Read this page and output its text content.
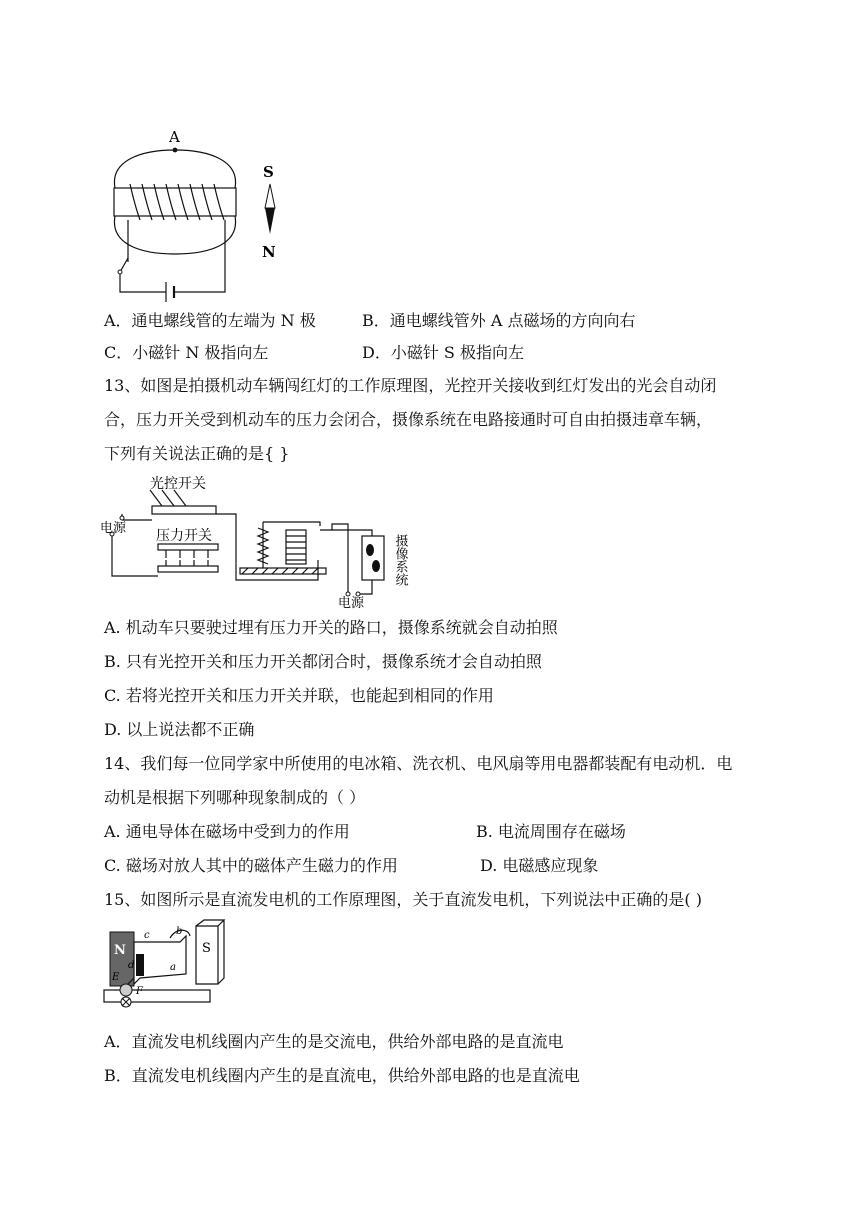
A
S
N
A．通电螺线管的左端为 N 极	B．通电螺线管外 A 点磁场的方向向右
C．小磁针 N 极指向左	D．小磁针 S 极指向左
13、如图是拍摄机动车辆闯红灯的工作原理图，光控开关接收到红灯发出的光会自动闭
合，压力开关受到机动车的压力会闭合，摄像系统在电路接通时可自由拍摄违章车辆，
下列有关说法正确的是{ }
光控开关
电源 压力开关	摄像系统
电源
A. 机动车只要驶过埋有压力开关的路口，摄像系统就会自动拍照
B. 只有光控开关和压力开关都闭合时，摄像系统才会自动拍照
C. 若将光控开关和压力开关并联，也能起到相同的作用
D. 以上说法都不正确
14、我们每一位同学家中所使用的电冰箱、洗衣机、电风扇等用电器都装配有电动机．电
动机是根据下列哪种现象制成的（ ）
A. 通电导体在磁场中受到力的作用	B. 电流周围存在磁场
C. 磁场对放人其中的磁体产生磁力的作用	D. 电磁感应现象
15、如图所示是直流发电机的工作原理图，关于直流发电机，下列说法中正确的是( )
N	S
c	b
d	a
E
F
A．直流发电机线圈内产生的是交流电，供给外部电路的是直流电
B．直流发电机线圈内产生的是直流电，供给外部电路的也是直流电
